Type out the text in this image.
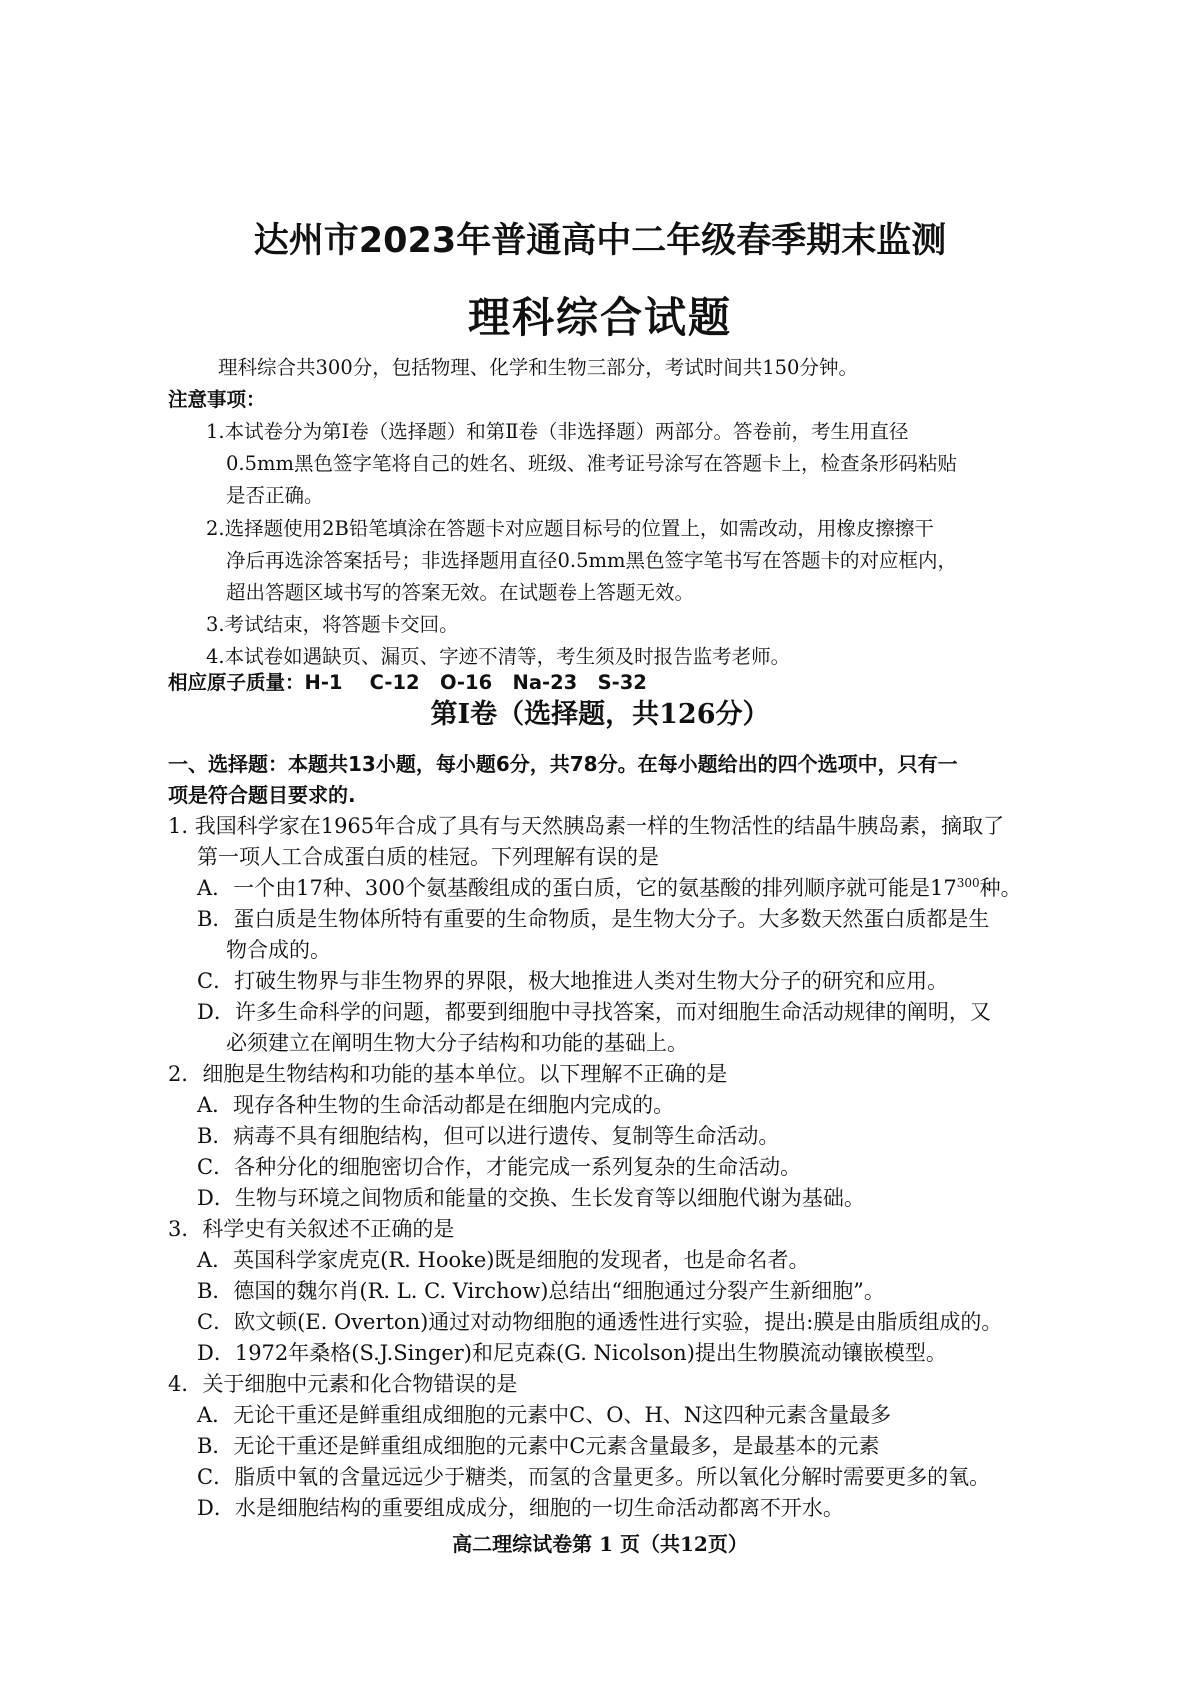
达州市2023年普通高中二年级春季期末监测
理科综合试题
理科综合共300分，包括物理、化学和生物三部分，考试时间共150分钟。
注意事项：
1.本试卷分为第Ⅰ卷（选择题）和第Ⅱ卷（非选择题）两部分。答卷前，考生用直径
0.5mm黑色签字笔将自己的姓名、班级、准考证号涂写在答题卡上，检查条形码粘贴
是否正确。
2.选择题使用2B铅笔填涂在答题卡对应题目标号的位置上，如需改动，用橡皮擦擦干
净后再选涂答案括号；非选择题用直径0.5mm黑色签字笔书写在答题卡的对应框内，
超出答题区域书写的答案无效。在试题卷上答题无效。
3.考试结束，将答题卡交回。
4.本试卷如遇缺页、漏页、字迹不清等，考生须及时报告监考老师。
相应原子质量：H-1    C-12   O-16   Na-23   S-32
第Ⅰ卷（选择题，共126分）
一、选择题：本题共13小题，每小题6分，共78分。在每小题给出的四个选项中，只有一
项是符合题目要求的.
1. 我国科学家在1965年合成了具有与天然胰岛素一样的生物活性的结晶牛胰岛素，摘取了
第一项人工合成蛋白质的桂冠。下列理解有误的是
A．一个由17种、300个氨基酸组成的蛋白质，它的氨基酸的排列顺序就可能是$17^{300}$种。
B．蛋白质是生物体所特有重要的生命物质，是生物大分子。大多数天然蛋白质都是生
物合成的。
C．打破生物界与非生物界的界限，极大地推进人类对生物大分子的研究和应用。
D．许多生命科学的问题，都要到细胞中寻找答案，而对细胞生命活动规律的阐明，又
必须建立在阐明生物大分子结构和功能的基础上。
2．细胞是生物结构和功能的基本单位。以下理解不正确的是
A．现存各种生物的生命活动都是在细胞内完成的。
B．病毒不具有细胞结构，但可以进行遗传、复制等生命活动。
C．各种分化的细胞密切合作，才能完成一系列复杂的生命活动。
D．生物与环境之间物质和能量的交换、生长发育等以细胞代谢为基础。
3．科学史有关叙述不正确的是
A．英国科学家虎克(R. Hooke)既是细胞的发现者，也是命名者。
B．德国的魏尔肖(R. L. C. Virchow)总结出“细胞通过分裂产生新细胞”。
C．欧文顿(E. Overton)通过对动物细胞的通透性进行实验，提出:膜是由脂质组成的。
D．1972年桑格(S.J.Singer)和尼克森(G. Nicolson)提出生物膜流动镶嵌模型。
4．关于细胞中元素和化合物错误的是
A．无论干重还是鲜重组成细胞的元素中C、O、H、N这四种元素含量最多
B．无论干重还是鲜重组成细胞的元素中C元素含量最多，是最基本的元素
C．脂质中氧的含量远远少于糖类，而氢的含量更多。所以氧化分解时需要更多的氧。
D．水是细胞结构的重要组成成分，细胞的一切生命活动都离不开水。
高二理综试卷第 1 页（共12页）
